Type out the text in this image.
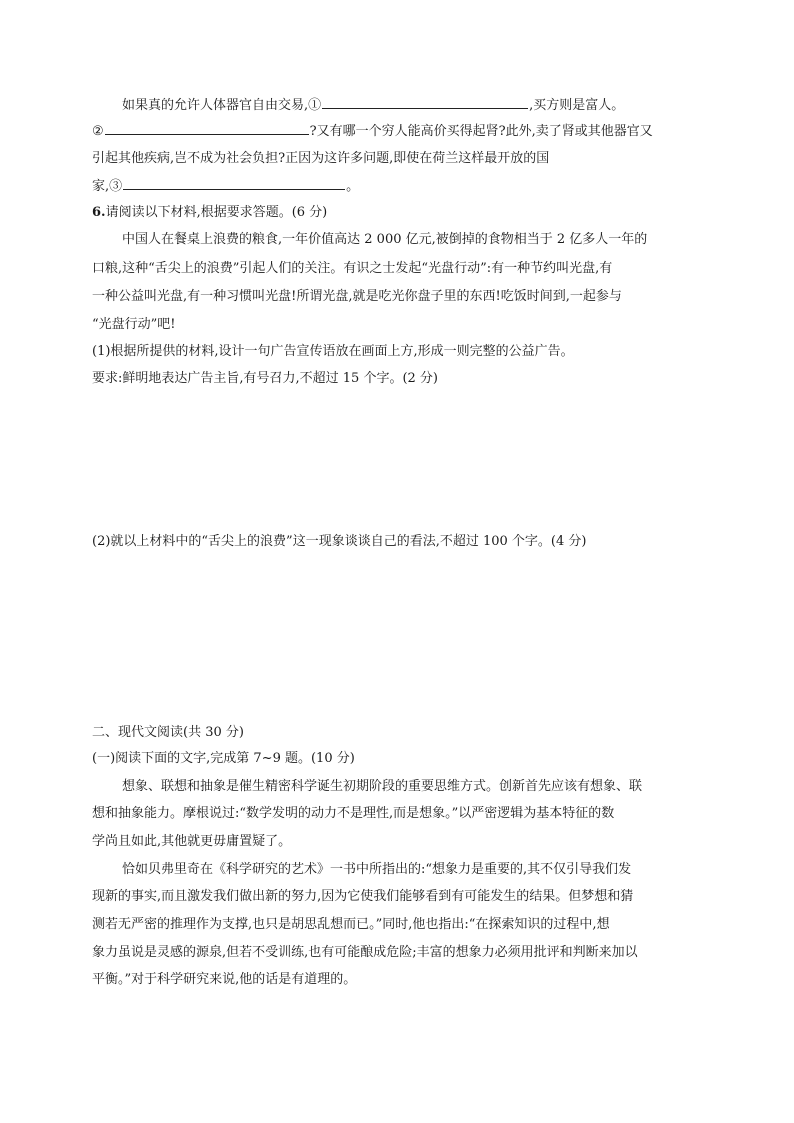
如果真的允许人体器官自由交易,①	,买方则是富人。
②	?又有哪一个穷人能高价买得起肾?此外,卖了肾或其他器官又
引起其他疾病,岂不成为社会负担?正因为这许多问题,即使在荷兰这样最开放的国
家,③	。
6.请阅读以下材料,根据要求答题。(6 分)
中国人在餐桌上浪费的粮食,一年价值高达 2 000 亿元,被倒掉的食物相当于 2 亿多人一年的
口粮,这种“舌尖上的浪费”引起人们的关注。有识之士发起“光盘行动”:有一种节约叫光盘,有
一种公益叫光盘,有一种习惯叫光盘!所谓光盘,就是吃光你盘子里的东西!吃饭时间到,一起参与
“光盘行动”吧!
(1)根据所提供的材料,设计一句广告宣传语放在画面上方,形成一则完整的公益广告。
要求:鲜明地表达广告主旨,有号召力,不超过 15 个字。(2 分)
(2)就以上材料中的“舌尖上的浪费”这一现象谈谈自己的看法,不超过 100 个字。(4 分)
二、现代文阅读(共 30 分)
(一)阅读下面的文字,完成第 7~9 题。(10 分)
想象、联想和抽象是催生精密科学诞生初期阶段的重要思维方式。创新首先应该有想象、联
想和抽象能力。摩根说过:“数学发明的动力不是理性,而是想象。”以严密逻辑为基本特征的数
学尚且如此,其他就更毋庸置疑了。
恰如贝弗里奇在《科学研究的艺术》一书中所指出的:“想象力是重要的,其不仅引导我们发
现新的事实,而且激发我们做出新的努力,因为它使我们能够看到有可能发生的结果。但梦想和猜
测若无严密的推理作为支撑,也只是胡思乱想而已。”同时,他也指出:“在探索知识的过程中,想
象力虽说是灵感的源泉,但若不受训练,也有可能酿成危险;丰富的想象力必须用批评和判断来加以
平衡。”对于科学研究来说,他的话是有道理的。
